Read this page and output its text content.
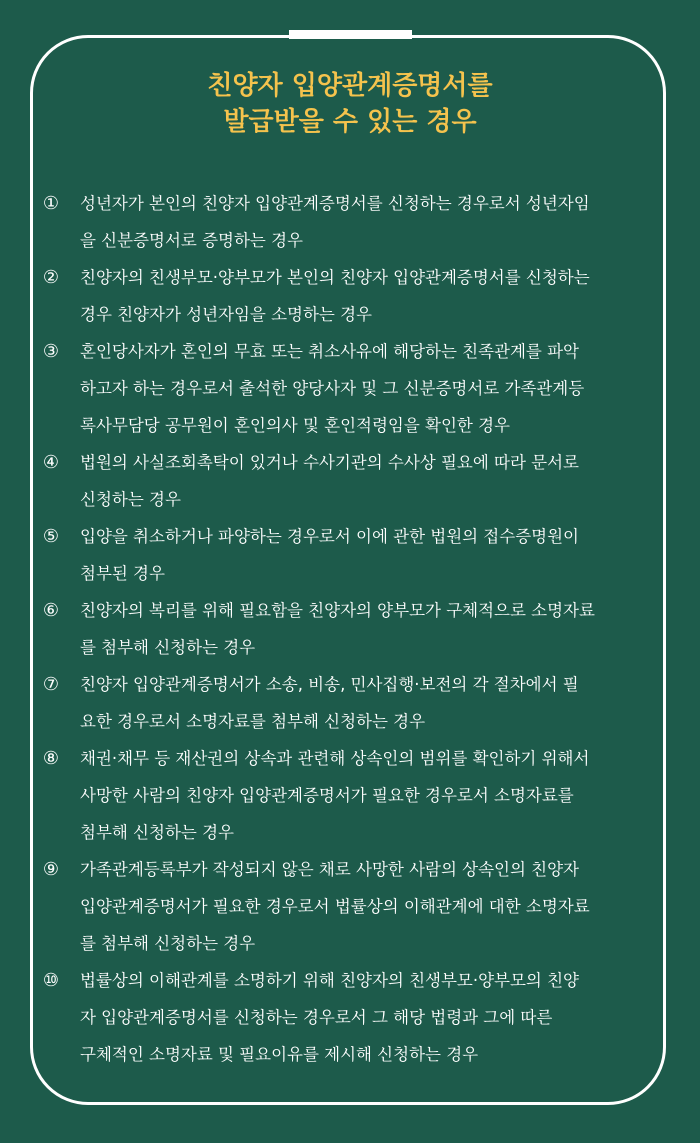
친양자 입양관계증명서를
발급받을 수 있는 경우
①	성년자가 본인의 친양자 입양관계증명서를 신청하는 경우로서 성년자임
을 신분증명서로 증명하는 경우
②	친양자의 친생부모·양부모가 본인의 친양자 입양관계증명서를 신청하는
경우 친양자가 성년자임을 소명하는 경우
③	혼인당사자가 혼인의 무효 또는 취소사유에 해당하는 친족관계를 파악
하고자 하는 경우로서 출석한 양당사자 및 그 신분증명서로 가족관계등
록사무담당 공무원이 혼인의사 및 혼인적령임을 확인한 경우
④	법원의 사실조회촉탁이 있거나 수사기관의 수사상 필요에 따라 문서로
신청하는 경우
⑤	입양을 취소하거나 파양하는 경우로서 이에 관한 법원의 접수증명원이
첨부된 경우
⑥	친양자의 복리를 위해 필요함을 친양자의 양부모가 구체적으로 소명자료
를 첨부해 신청하는 경우
⑦	친양자 입양관계증명서가 소송, 비송, 민사집행·보전의 각 절차에서 필
요한 경우로서 소명자료를 첨부해 신청하는 경우
⑧	채권·채무 등 재산권의 상속과 관련해 상속인의 범위를 확인하기 위해서
사망한 사람의 친양자 입양관계증명서가 필요한 경우로서 소명자료를
첨부해 신청하는 경우
⑨	가족관계등록부가 작성되지 않은 채로 사망한 사람의 상속인의 친양자
입양관계증명서가 필요한 경우로서 법률상의 이해관계에 대한 소명자료
를 첨부해 신청하는 경우
⑩	법률상의 이해관계를 소명하기 위해 친양자의 친생부모·양부모의 친양
자 입양관계증명서를 신청하는 경우로서 그 해당 법령과 그에 따른
구체적인 소명자료 및 필요이유를 제시해 신청하는 경우
